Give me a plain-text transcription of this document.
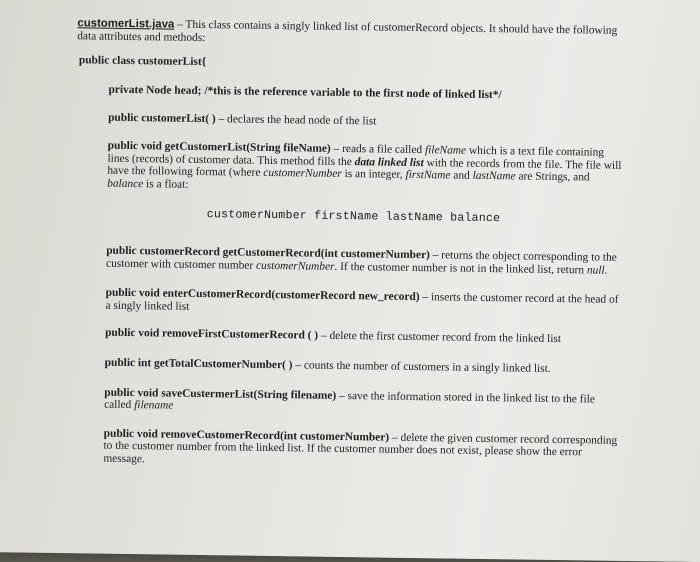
customerList.java – This class contains a singly linked list of customerRecord objects. It should have the following data attributes and methods:

public class customerList{

private Node head; /*this is the reference variable to the first node of linked list*/

public customerList( ) – declares the head node of the list

public void getCustomerList(String fileName) – reads a file called fileName which is a text file containing lines (records) of customer data. This method fills the data linked list with the records from the file. The file will have the following format (where customerNumber is an integer, firstName and lastName are Strings, and balance is a float:

customerNumber firstName lastName balance

public customerRecord getCustomerRecord(int customerNumber) – returns the object corresponding to the customer with customer number customerNumber. If the customer number is not in the linked list, return null.

public void enterCustomerRecord(customerRecord new_record) – inserts the customer record at the head of a singly linked list

public void removeFirstCustomerRecord ( ) – delete the first customer record from the linked list

public int getTotalCustomerNumber( ) – counts the number of customers in a singly linked list.

public void saveCustermerList(String filename) – save the information stored in the linked list to the file called filename

public void removeCustomerRecord(int customerNumber) – delete the given customer record corresponding to the customer number from the linked list. If the customer number does not exist, please show the error message.
